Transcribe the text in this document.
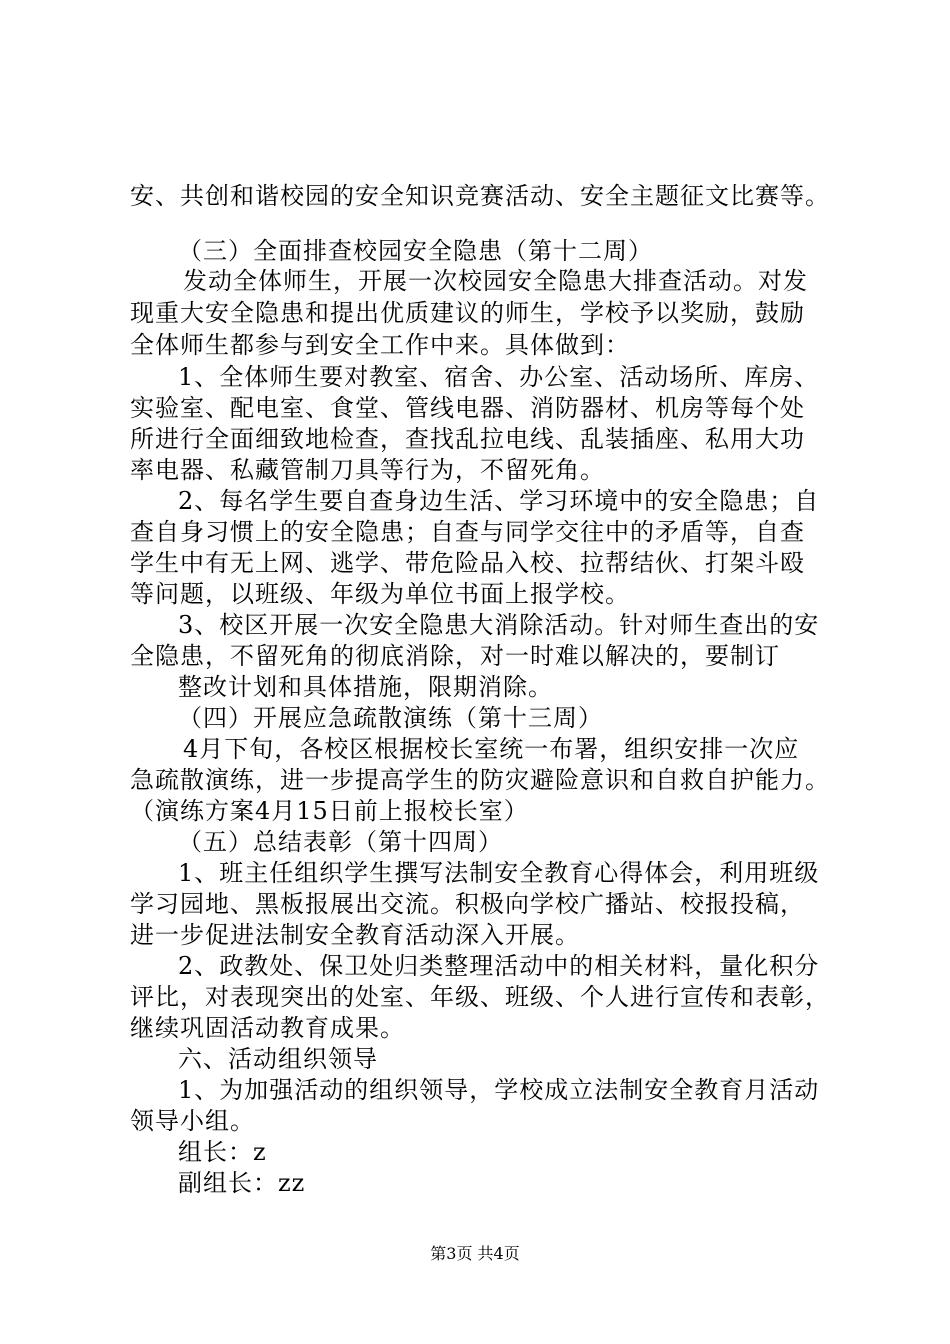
安、共创和谐校园的安全知识竞赛活动、安全主题征文比赛等。
（三）全面排查校园安全隐患（第十二周）
发动全体师生，开展一次校园安全隐患大排查活动。对发
现重大安全隐患和提出优质建议的师生，学校予以奖励，鼓励
全体师生都参与到安全工作中来。具体做到：
1、全体师生要对教室、宿舍、办公室、活动场所、库房、
实验室、配电室、食堂、管线电器、消防器材、机房等每个处
所进行全面细致地检查，查找乱拉电线、乱装插座、私用大功
率电器、私藏管制刀具等行为，不留死角。
2、每名学生要自查身边生活、学习环境中的安全隐患；自
查自身习惯上的安全隐患；自查与同学交往中的矛盾等，自查
学生中有无上网、逃学、带危险品入校、拉帮结伙、打架斗殴
等问题，以班级、年级为单位书面上报学校。
3、校区开展一次安全隐患大消除活动。针对师生查出的安
全隐患，不留死角的彻底消除，对一时难以解决的，要制订
整改计划和具体措施，限期消除。
（四）开展应急疏散演练（第十三周）
4月下旬，各校区根据校长室统一布署，组织安排一次应
急疏散演练，进一步提高学生的防灾避险意识和自救自护能力。
（演练方案4月15日前上报校长室）
（五）总结表彰（第十四周）
1、班主任组织学生撰写法制安全教育心得体会，利用班级
学习园地、黑板报展出交流。积极向学校广播站、校报投稿，
进一步促进法制安全教育活动深入开展。
2、政教处、保卫处归类整理活动中的相关材料，量化积分
评比，对表现突出的处室、年级、班级、个人进行宣传和表彰，
继续巩固活动教育成果。
六、活动组织领导
1、为加强活动的组织领导，学校成立法制安全教育月活动
领导小组。
组长：z
副组长：zz
第3页 共4页
